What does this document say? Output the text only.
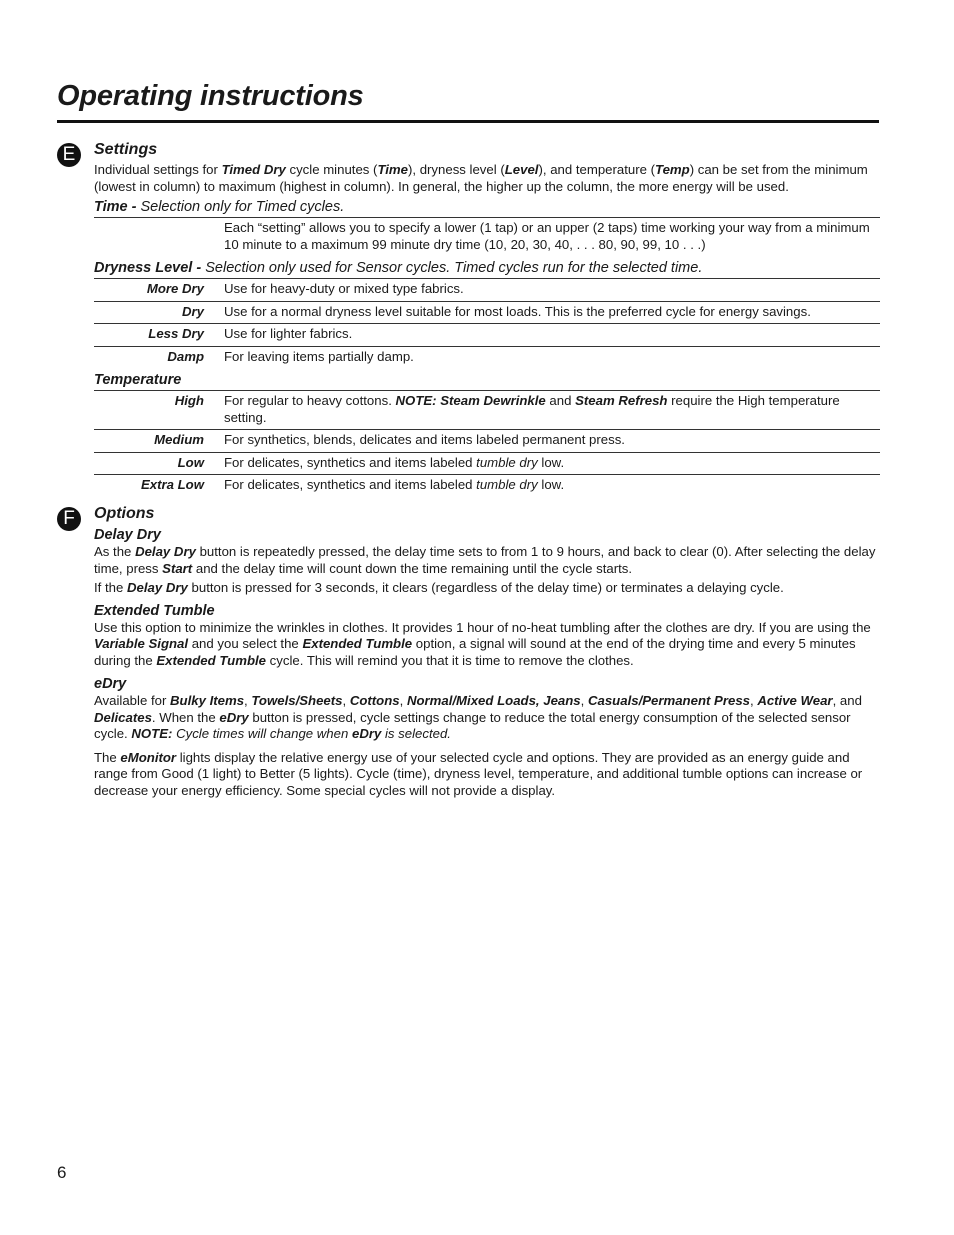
Operating instructions
E	Settings

Individual settings for Timed Dry cycle minutes (Time), dryness level (Level), and temperature (Temp) can be set from the minimum (lowest in column) to maximum (highest in column). In general, the higher up the column, the more energy will be used.

Time - Selection only for Timed cycles.
	Each “setting” allows you to specify a lower (1 tap) or an upper (2 taps) time working your way from a minimum 10 minute to a maximum 99 minute dry time (10, 20, 30, 40, . . . 80, 90, 99, 10 . . .)
Dryness Level - Selection only used for Sensor cycles. Timed cycles run for the selected time.
More Dry	Use for heavy-duty or mixed type fabrics.
Dry	Use for a normal dryness level suitable for most loads. This is the preferred cycle for energy savings.
Less Dry	Use for lighter fabrics.
Damp	For leaving items partially damp.
Temperature
High	For regular to heavy cottons. NOTE: Steam Dewrinkle and Steam Refresh require the High temperature setting.
Medium	For synthetics, blends, delicates and items labeled permanent press.
Low	For delicates, synthetics and items labeled tumble dry low.
Extra Low	For delicates, synthetics and items labeled tumble dry low.
F	Options
Delay Dry

As the Delay Dry button is repeatedly pressed, the delay time sets to from 1 to 9 hours, and back to clear (0). After selecting the delay time, press Start and the delay time will count down the time remaining until the cycle starts.

If the Delay Dry button is pressed for 3 seconds, it clears (regardless of the delay time) or terminates a delaying cycle.

Extended Tumble

Use this option to minimize the wrinkles in clothes. It provides 1 hour of no-heat tumbling after the clothes are dry. If you are using the Variable Signal and you select the Extended Tumble option, a signal will sound at the end of the drying time and every 5 minutes during the Extended Tumble cycle. This will remind you that it is time to remove the clothes.

eDry

Available for Bulky Items, Towels/Sheets, Cottons, Normal/Mixed Loads, Jeans, Casuals/Permanent Press, Active Wear, and Delicates. When the eDry button is pressed, cycle settings change to reduce the total energy consumption of the selected sensor cycle. NOTE: Cycle times will change when eDry is selected.

The eMonitor lights display the relative energy use of your selected cycle and options. They are provided as an energy guide and range from Good (1 light) to Better (5 lights). Cycle (time), dryness level, temperature, and additional tumble options can increase or decrease your energy efficiency. Some special cycles will not provide a display.

6
